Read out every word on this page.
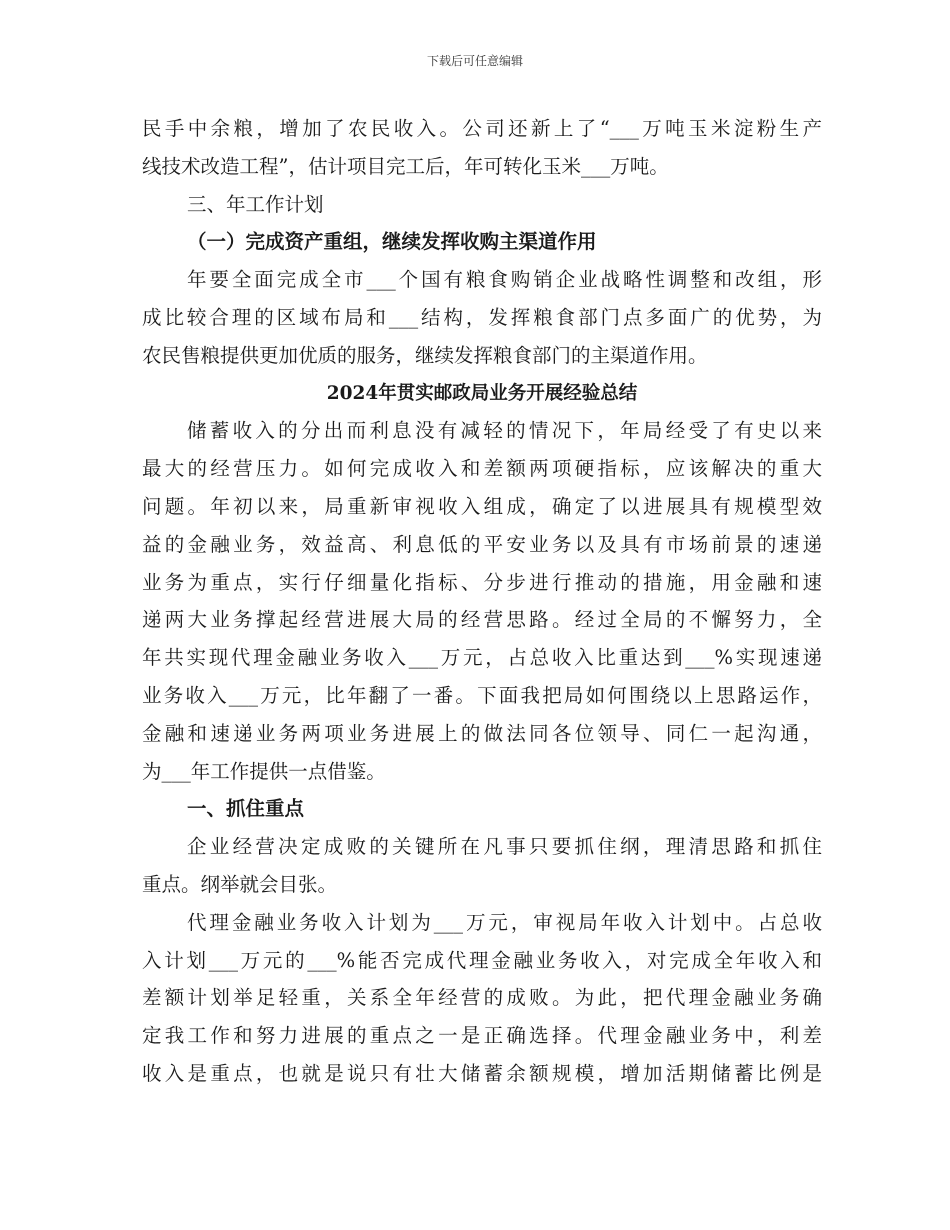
下载后可任意编辑
民手中余粮，增加了农民收入。公司还新上了“___万吨玉米淀粉生产
线技术改造工程”，估计项目完工后，年可转化玉米___万吨。
三、年工作计划
（一）完成资产重组，继续发挥收购主渠道作用
年要全面完成全市___个国有粮食购销企业战略性调整和改组，形
成比较合理的区域布局和___结构，发挥粮食部门点多面广的优势，为
农民售粮提供更加优质的服务，继续发挥粮食部门的主渠道作用。
2024年贯实邮政局业务开展经验总结
储蓄收入的分出而利息没有减轻的情况下，年局经受了有史以来
最大的经营压力。如何完成收入和差额两项硬指标，应该解决的重大
问题。年初以来，局重新审视收入组成，确定了以进展具有规模型效
益的金融业务，效益高、利息低的平安业务以及具有市场前景的速递
业务为重点，实行仔细量化指标、分步进行推动的措施，用金融和速
递两大业务撑起经营进展大局的经营思路。经过全局的不懈努力，全
年共实现代理金融业务收入___万元，占总收入比重达到___%实现速递
业务收入___万元，比年翻了一番。下面我把局如何围绕以上思路运作，
金融和速递业务两项业务进展上的做法同各位领导、同仁一起沟通，
为___年工作提供一点借鉴。
一、抓住重点
企业经营决定成败的关键所在凡事只要抓住纲，理清思路和抓住
重点。纲举就会目张。
代理金融业务收入计划为___万元，审视局年收入计划中。占总收
入计划___万元的___%能否完成代理金融业务收入，对完成全年收入和
差额计划举足轻重，关系全年经营的成败。为此，把代理金融业务确
定我工作和努力进展的重点之一是正确选择。代理金融业务中，利差
收入是重点，也就是说只有壮大储蓄余额规模，增加活期储蓄比例是
